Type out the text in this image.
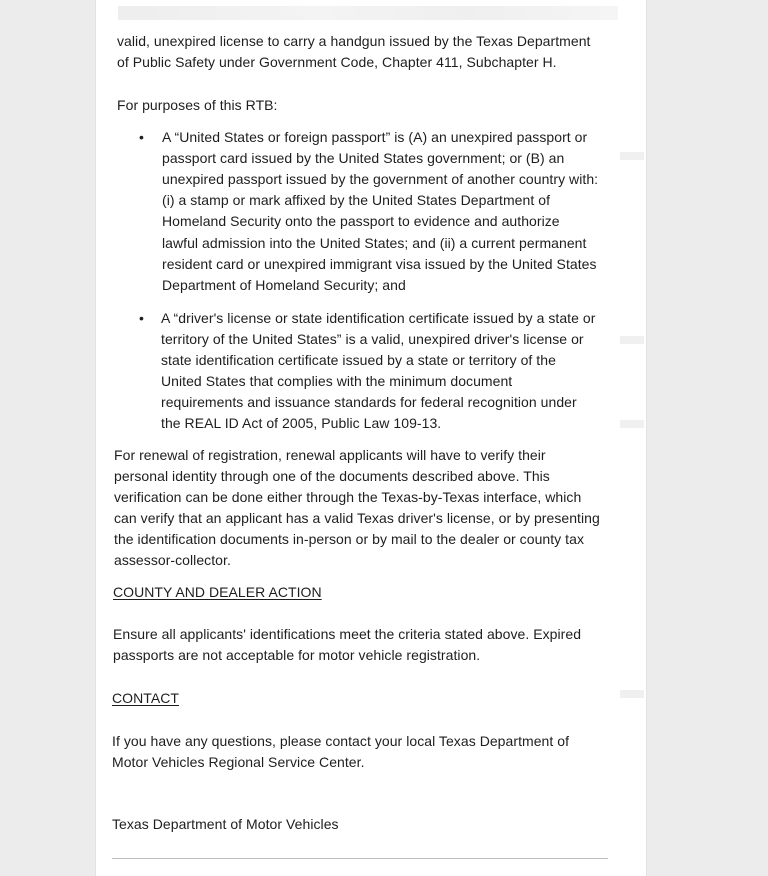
valid, unexpired license to carry a handgun issued by the Texas Department
of Public Safety under Government Code, Chapter 411, Subchapter H.
For purposes of this RTB:
• A “United States or foreign passport” is (A) an unexpired passport or
passport card issued by the United States government; or (B) an
unexpired passport issued by the government of another country with:
(i) a stamp or mark affixed by the United States Department of
Homeland Security onto the passport to evidence and authorize
lawful admission into the United States; and (ii) a current permanent
resident card or unexpired immigrant visa issued by the United States
Department of Homeland Security; and
• A “driver's license or state identification certificate issued by a state or
territory of the United States” is a valid, unexpired driver's license or
state identification certificate issued by a state or territory of the
United States that complies with the minimum document
requirements and issuance standards for federal recognition under
the REAL ID Act of 2005, Public Law 109-13.
For renewal of registration, renewal applicants will have to verify their
personal identity through one of the documents described above. This
verification can be done either through the Texas-by-Texas interface, which
can verify that an applicant has a valid Texas driver's license, or by presenting
the identification documents in-person or by mail to the dealer or county tax
assessor-collector.
COUNTY AND DEALER ACTION
Ensure all applicants' identifications meet the criteria stated above. Expired
passports are not acceptable for motor vehicle registration.
CONTACT
If you have any questions, please contact your local Texas Department of
Motor Vehicles Regional Service Center.
Texas Department of Motor Vehicles
